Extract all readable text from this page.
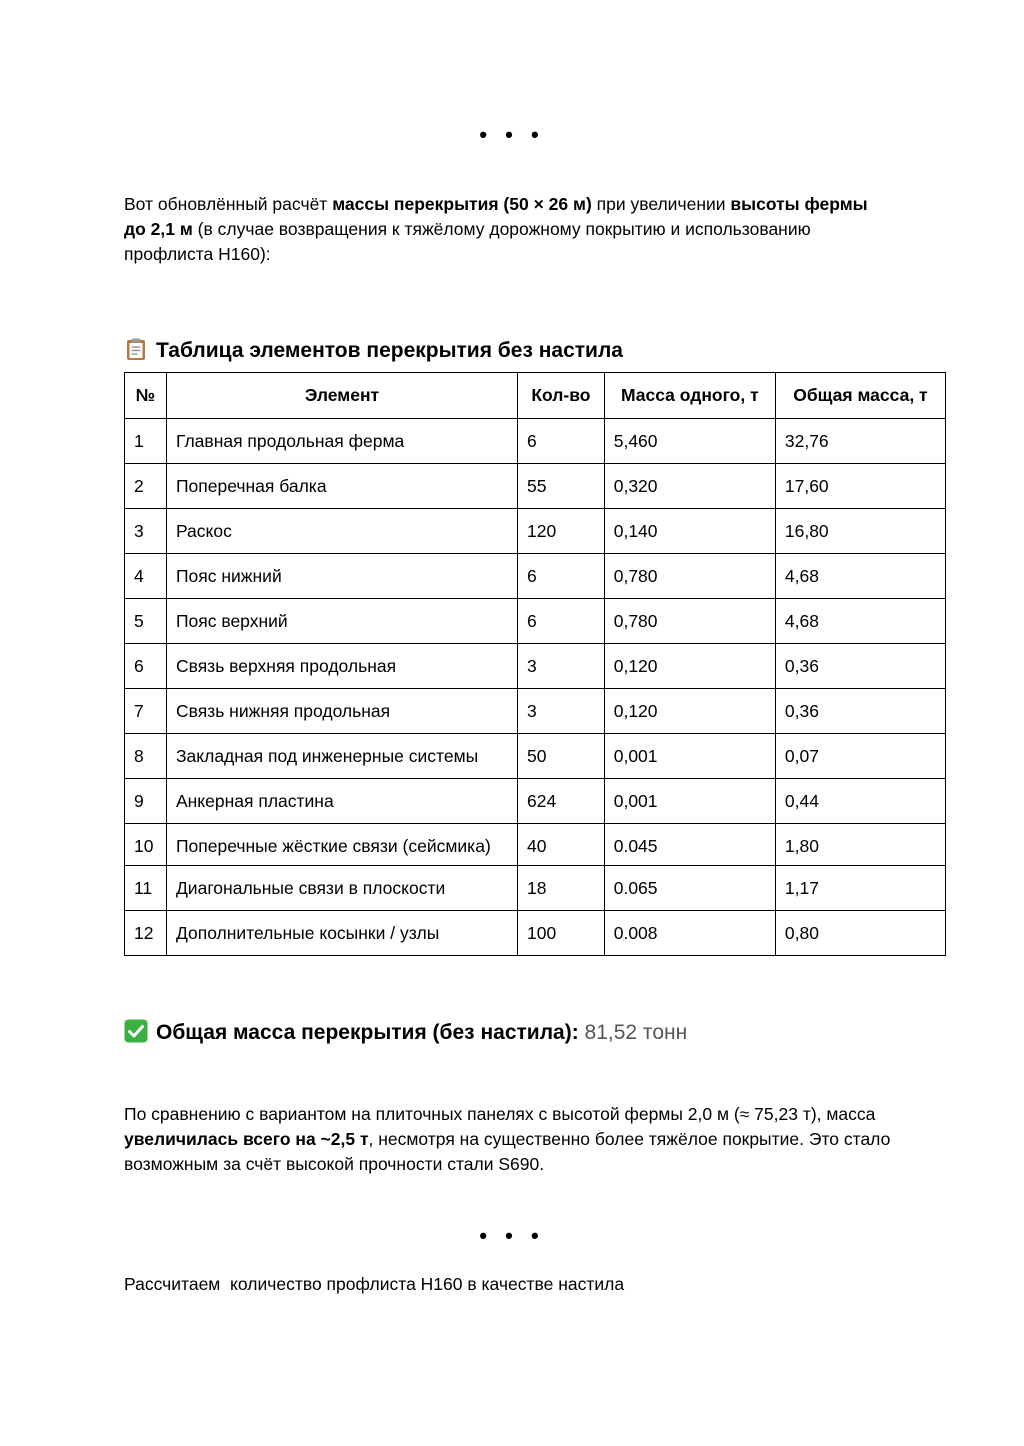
• • •
Вот обновлённый расчёт массы перекрытия (50 × 26 м) при увеличении высоты фермы до 2,1 м (в случае возвращения к тяжёлому дорожному покрытию и использованию профлиста Н160):
Таблица элементов перекрытия без настила
№	Элемент	Кол-во	Масса одного, т	Общая масса, т
1	Главная продольная ферма	6	5,460	32,76
2	Поперечная балка	55	0,320	17,60
3	Раскос	120	0,140	16,80
4	Пояс нижний	6	0,780	4,68
5	Пояс верхний	6	0,780	4,68
6	Связь верхняя продольная	3	0,120	0,36
7	Связь нижняя продольная	3	0,120	0,36
8	Закладная под инженерные системы	50	0,001	0,07
9	Анкерная пластина	624	0,001	0,44
10	Поперечные жёсткие связи (сейсмика)	40	0.045	1,80
11	Диагональные связи в плоскости	18	0.065	1,17
12	Дополнительные косынки / узлы	100	0.008	0,80
Общая масса перекрытия (без настила): 81,52 тонн
По сравнению с вариантом на плиточных панелях с высотой фермы 2,0 м (≈ 75,23 т), масса увеличилась всего на ~2,5 т, несмотря на существенно более тяжёлое покрытие. Это стало возможным за счёт высокой прочности стали S690.
• • •
Рассчитаем  количество профлиста Н160 в качестве настила
